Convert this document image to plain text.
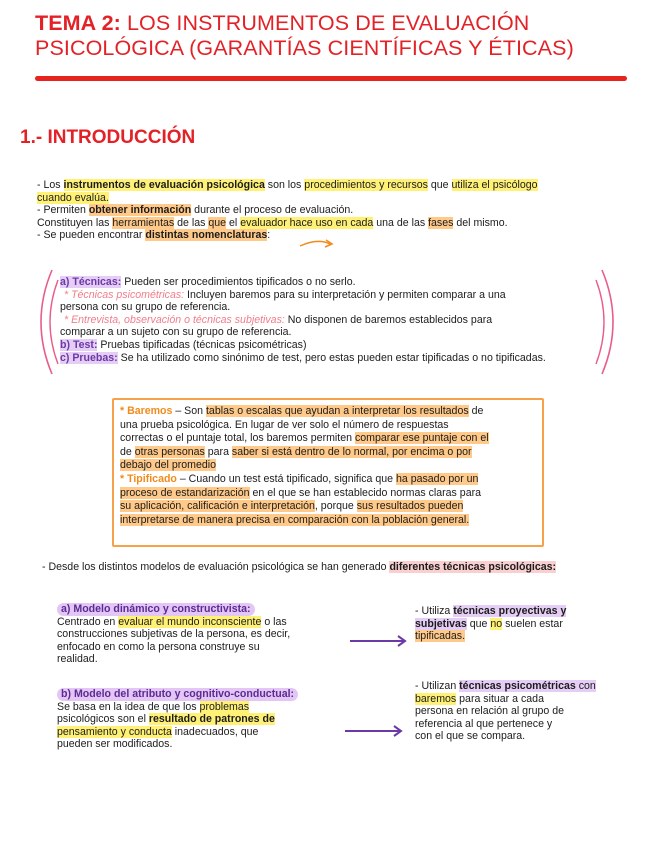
TEMA 2: LOS INSTRUMENTOS DE EVALUACIÓN
PSICOLÓGICA (GARANTÍAS CIENTÍFICAS Y ÉTICAS)
1.- INTRODUCCIÓN
- Los instrumentos de evaluación psicológica son los procedimientos y recursos que utiliza el psicólogo
cuando evalúa.
- Permiten obtener información durante el proceso de evaluación.
Constituyen las herramientas de las que el evaluador hace uso en cada una de las fases del mismo.
- Se pueden encontrar distintas nomenclaturas:
a) Técnicas: Pueden ser procedimientos tipificados o no serlo.
* Técnicas psicométricas: Incluyen baremos para su interpretación y permiten comparar a una
persona con su grupo de referencia.
* Entrevista, observación o técnicas subjetivas: No disponen de baremos establecidos para
comparar a un sujeto con su grupo de referencia.
b) Test: Pruebas tipificadas (técnicas psicométricas)
c) Pruebas: Se ha utilizado como sinónimo de test, pero estas pueden estar tipificadas o no tipificadas.
* Baremos – Son tablas o escalas que ayudan a interpretar los resultados de
una prueba psicológica. En lugar de ver solo el número de respuestas
correctas o el puntaje total, los baremos permiten comparar ese puntaje con el
de otras personas para saber si está dentro de lo normal, por encima o por
debajo del promedio
* Tipificado – Cuando un test está tipificado, significa que ha pasado por un
proceso de estandarización en el que se han establecido normas claras para
su aplicación, calificación e interpretación, porque sus resultados pueden
interpretarse de manera precisa en comparación con la población general.
- Desde los distintos modelos de evaluación psicológica se han generado diferentes técnicas psicológicas:
a) Modelo dinámico y constructivista:
Centrado en evaluar el mundo inconsciente o las
construcciones subjetivas de la persona, es decir,
enfocado en como la persona construye su
realidad.
- Utiliza técnicas proyectivas y
subjetivas que no suelen estar
tipificadas.
b) Modelo del atributo y cognitivo-conductual:
Se basa en la idea de que los problemas
psicológicos son el resultado de patrones de
pensamiento y conducta inadecuados, que
pueden ser modificados.
- Utilizan técnicas psicométricas con
baremos para situar a cada
persona en relación al grupo de
referencia al que pertenece y
con el que se compara.
